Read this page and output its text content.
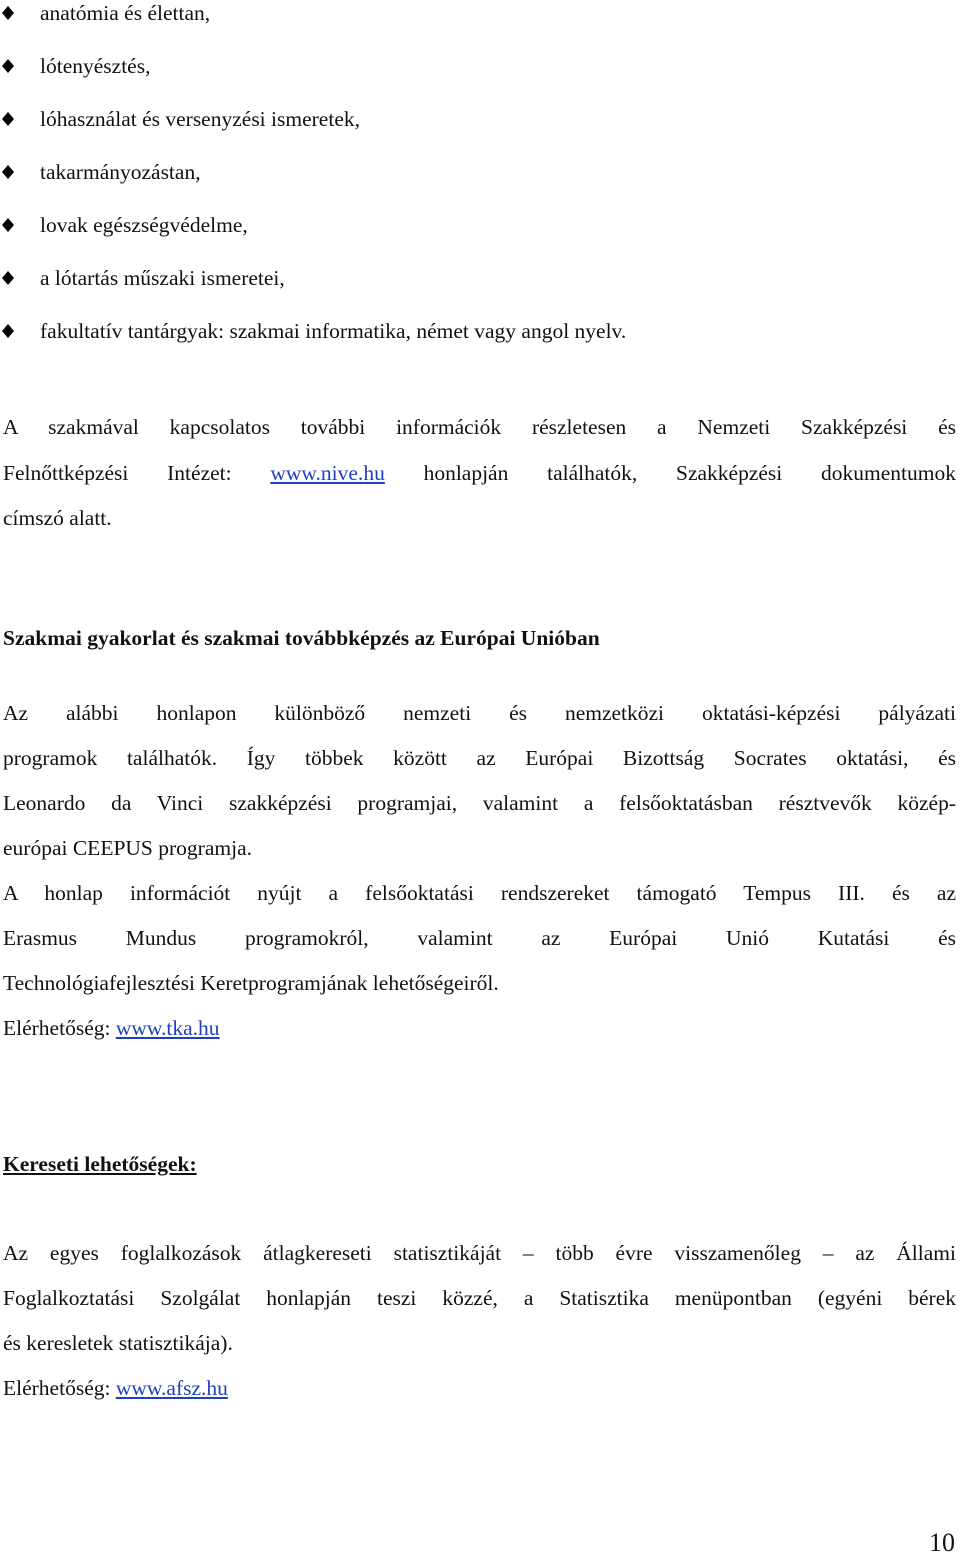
anatómia és élettan,
lótenyésztés,
lóhasználat és versenyzési ismeretek,
takarmányozástan,
lovak egészségvédelme,
a lótartás műszaki ismeretei,
fakultatív tantárgyak: szakmai informatika, német vagy angol nyelv.
A szakmával kapcsolatos további információk részletesen a Nemzeti Szakképzési és
Felnőttképzési Intézet: www.nive.hu honlapján találhatók, Szakképzési dokumentumok
címszó alatt.
Szakmai gyakorlat és szakmai továbbképzés az Európai Unióban
Az alábbi honlapon különböző nemzeti és nemzetközi oktatási-képzési pályázati
programok találhatók. Így többek között az Európai Bizottság Socrates oktatási, és
Leonardo da Vinci szakképzési programjai, valamint a felsőoktatásban résztvevők közép-
európai CEEPUS programja.
A honlap információt nyújt a felsőoktatási rendszereket támogató Tempus III. és az
Erasmus Mundus programokról, valamint az Európai Unió Kutatási és
Technológiafejlesztési Keretprogramjának lehetőségeiről.
Elérhetőség: www.tka.hu
Kereseti lehetőségek:
Az egyes foglalkozások átlagkereseti statisztikáját – több évre visszamenőleg – az Állami
Foglalkoztatási Szolgálat honlapján teszi közzé, a Statisztika menüpontban (egyéni bérek
és keresletek statisztikája).
Elérhetőség: www.afsz.hu
10
